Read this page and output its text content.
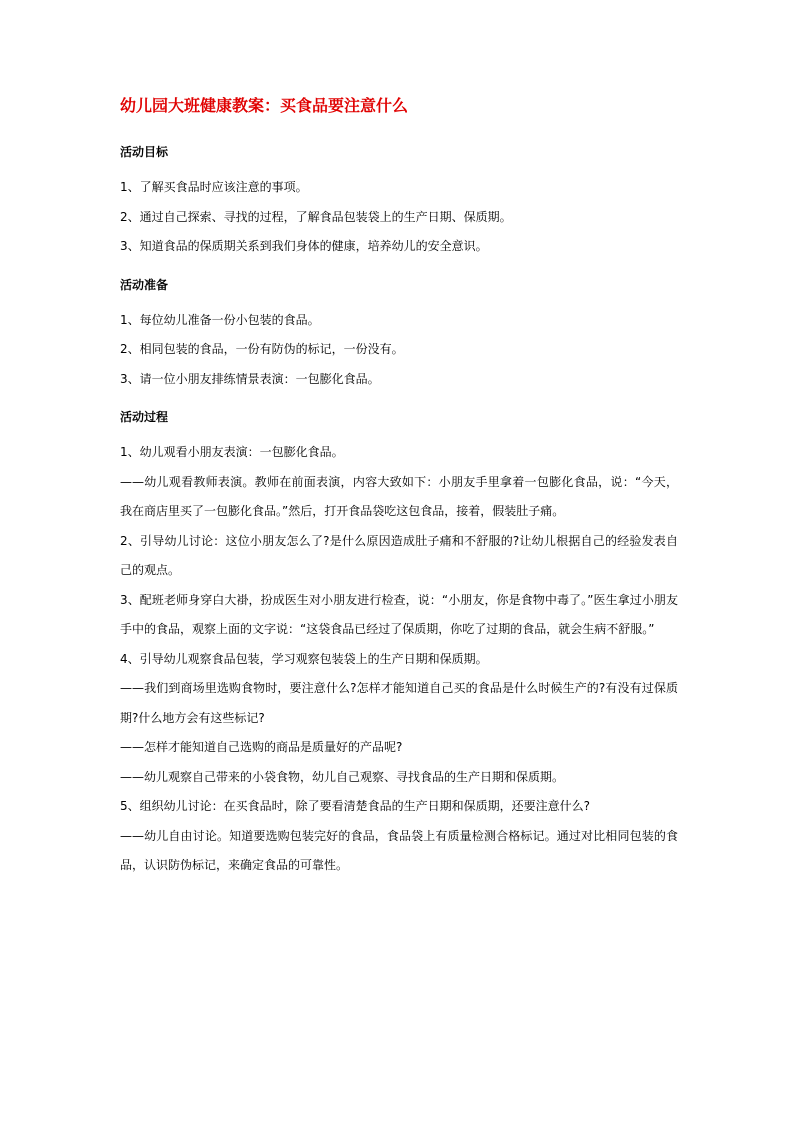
幼儿园大班健康教案：买食品要注意什么
活动目标

1、了解买食品时应该注意的事项。

2、通过自己探索、寻找的过程，了解食品包装袋上的生产日期、保质期。

3、知道食品的保质期关系到我们身体的健康，培养幼儿的安全意识。

活动准备

1、每位幼儿准备一份小包装的食品。

2、相同包装的食品，一份有防伪的标记，一份没有。

3、请一位小朋友排练情景表演：一包膨化食品。

活动过程

1、幼儿观看小朋友表演：一包膨化食品。

——幼儿观看教师表演。教师在前面表演，内容大致如下：小朋友手里拿着一包膨化食品，说：“今天，我在商店里买了一包膨化食品。”然后，打开食品袋吃这包食品，接着，假装肚子痛。

2、引导幼儿讨论：这位小朋友怎么了?是什么原因造成肚子痛和不舒服的?让幼儿根据自己的经验发表自己的观点。

3、配班老师身穿白大褂，扮成医生对小朋友进行检查，说：“小朋友，你是食物中毒了。”医生拿过小朋友手中的食品，观察上面的文字说：“这袋食品已经过了保质期，你吃了过期的食品，就会生病不舒服。”

4、引导幼儿观察食品包装，学习观察包装袋上的生产日期和保质期。

——我们到商场里选购食物时，要注意什么?怎样才能知道自己买的食品是什么时候生产的?有没有过保质期?什么地方会有这些标记?

——怎样才能知道自己选购的商品是质量好的产品呢?

——幼儿观察自己带来的小袋食物，幼儿自己观察、寻找食品的生产日期和保质期。

5、组织幼儿讨论：在买食品时，除了要看清楚食品的生产日期和保质期，还要注意什么?

——幼儿自由讨论。知道要选购包装完好的食品，食品袋上有质量检测合格标记。通过对比相同包装的食品，认识防伪标记，来确定食品的可靠性。
